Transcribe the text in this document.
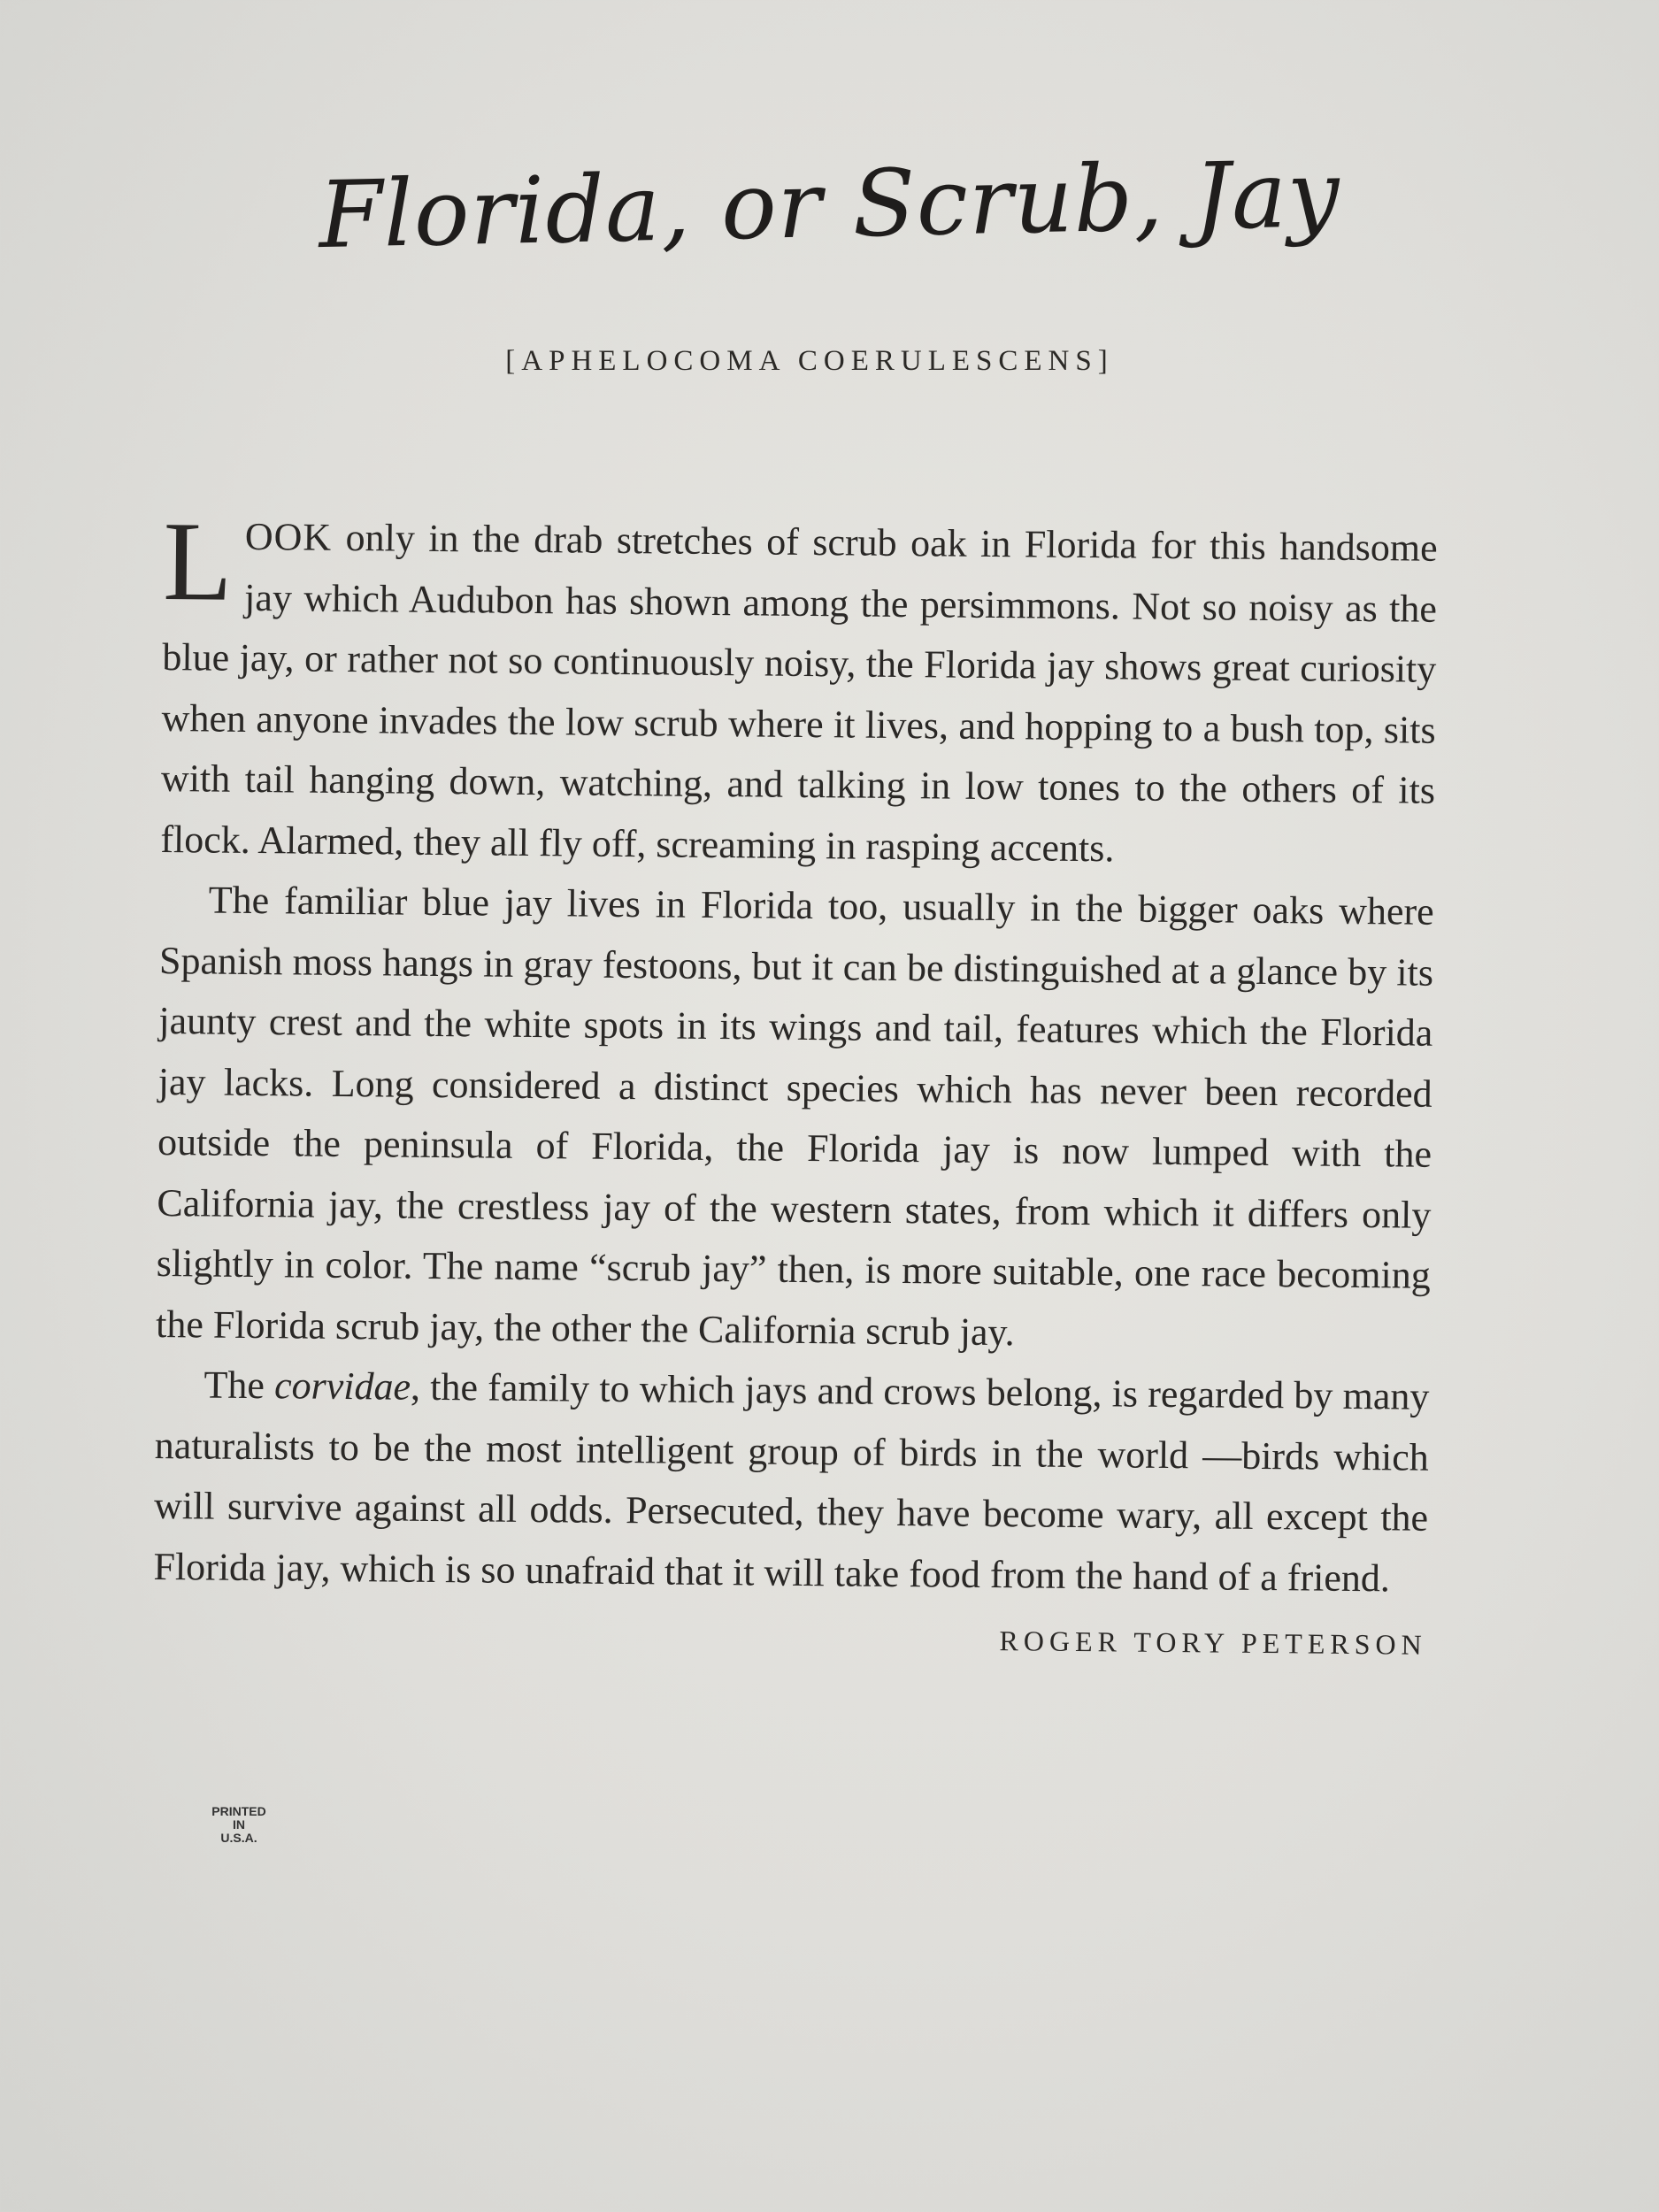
Florida, or Scrub, Jay
[APHELOCOMA COERULESCENS]

LOOK only in the drab stretches of scrub oak in Florida for this handsome jay which Audubon has shown among the persimmons. Not so noisy as the blue jay, or rather not so continuously noisy, the Florida jay shows great curiosity when anyone invades the low scrub where it lives, and hopping to a bush top, sits with tail hanging down, watching, and talking in low tones to the others of its flock. Alarmed, they all fly off, screaming in rasping accents.

The familiar blue jay lives in Florida too, usually in the bigger oaks where Spanish moss hangs in gray festoons, but it can be distinguished at a glance by its jaunty crest and the white spots in its wings and tail, features which the Florida jay lacks. Long considered a distinct species which has never been recorded outside the peninsula of Florida, the Florida jay is now lumped with the California jay, the crestless jay of the western states, from which it differs only slightly in color. The name “scrub jay” then, is more suitable, one race becoming the Florida scrub jay, the other the California scrub jay.

The corvidae, the family to which jays and crows belong, is regarded by many naturalists to be the most intelligent group of birds in the world —birds which will survive against all odds. Persecuted, they have become wary, all except the Florida jay, which is so unafraid that it will take food from the hand of a friend.
ROGER TORY PETERSON

PRINTED
IN
U.S.A.
